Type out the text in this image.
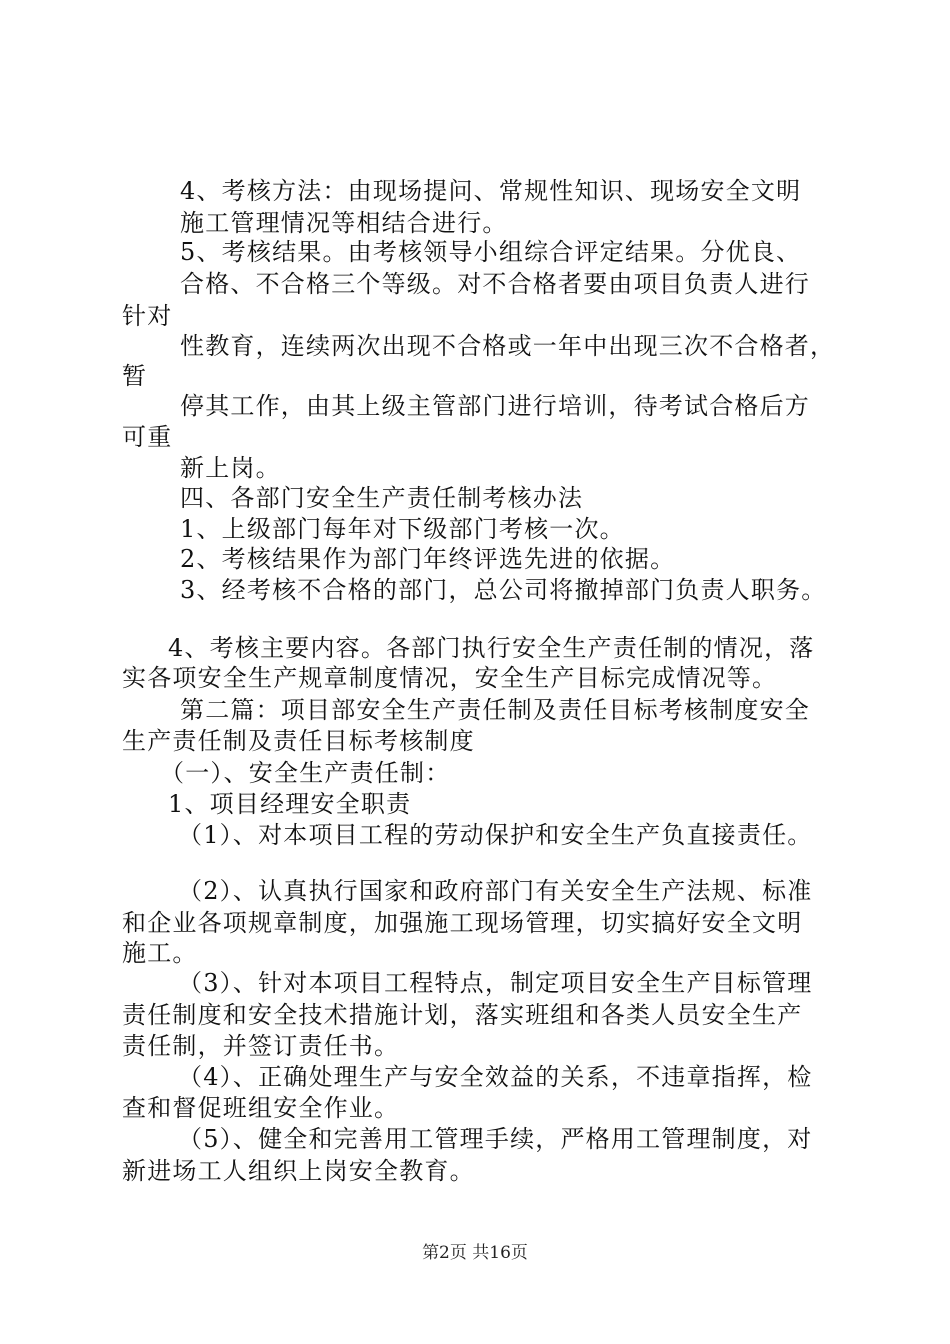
4、考核方法：由现场提问、常规性知识、现场安全文明
施工管理情况等相结合进行。
5、考核结果。由考核领导小组综合评定结果。分优良、
合格、不合格三个等级。对不合格者要由项目负责人进行
针对
性教育，连续两次出现不合格或一年中出现三次不合格者，
暂
停其工作，由其上级主管部门进行培训，待考试合格后方
可重
新上岗。
四、各部门安全生产责任制考核办法
1、上级部门每年对下级部门考核一次。
2、考核结果作为部门年终评选先进的依据。
3、经考核不合格的部门，总公司将撤掉部门负责人职务。
4、考核主要内容。各部门执行安全生产责任制的情况，落
实各项安全生产规章制度情况，安全生产目标完成情况等。
第二篇：项目部安全生产责任制及责任目标考核制度安全
生产责任制及责任目标考核制度
（一）、安全生产责任制：
1、项目经理安全职责
（1）、对本项目工程的劳动保护和安全生产负直接责任。
（2）、认真执行国家和政府部门有关安全生产法规、标准
和企业各项规章制度，加强施工现场管理，切实搞好安全文明
施工。
（3）、针对本项目工程特点，制定项目安全生产目标管理
责任制度和安全技术措施计划，落实班组和各类人员安全生产
责任制，并签订责任书。
（4）、正确处理生产与安全效益的关系，不违章指挥，检
查和督促班组安全作业。
（5）、健全和完善用工管理手续，严格用工管理制度，对
新进场工人组织上岗安全教育。
第2页 共16页
